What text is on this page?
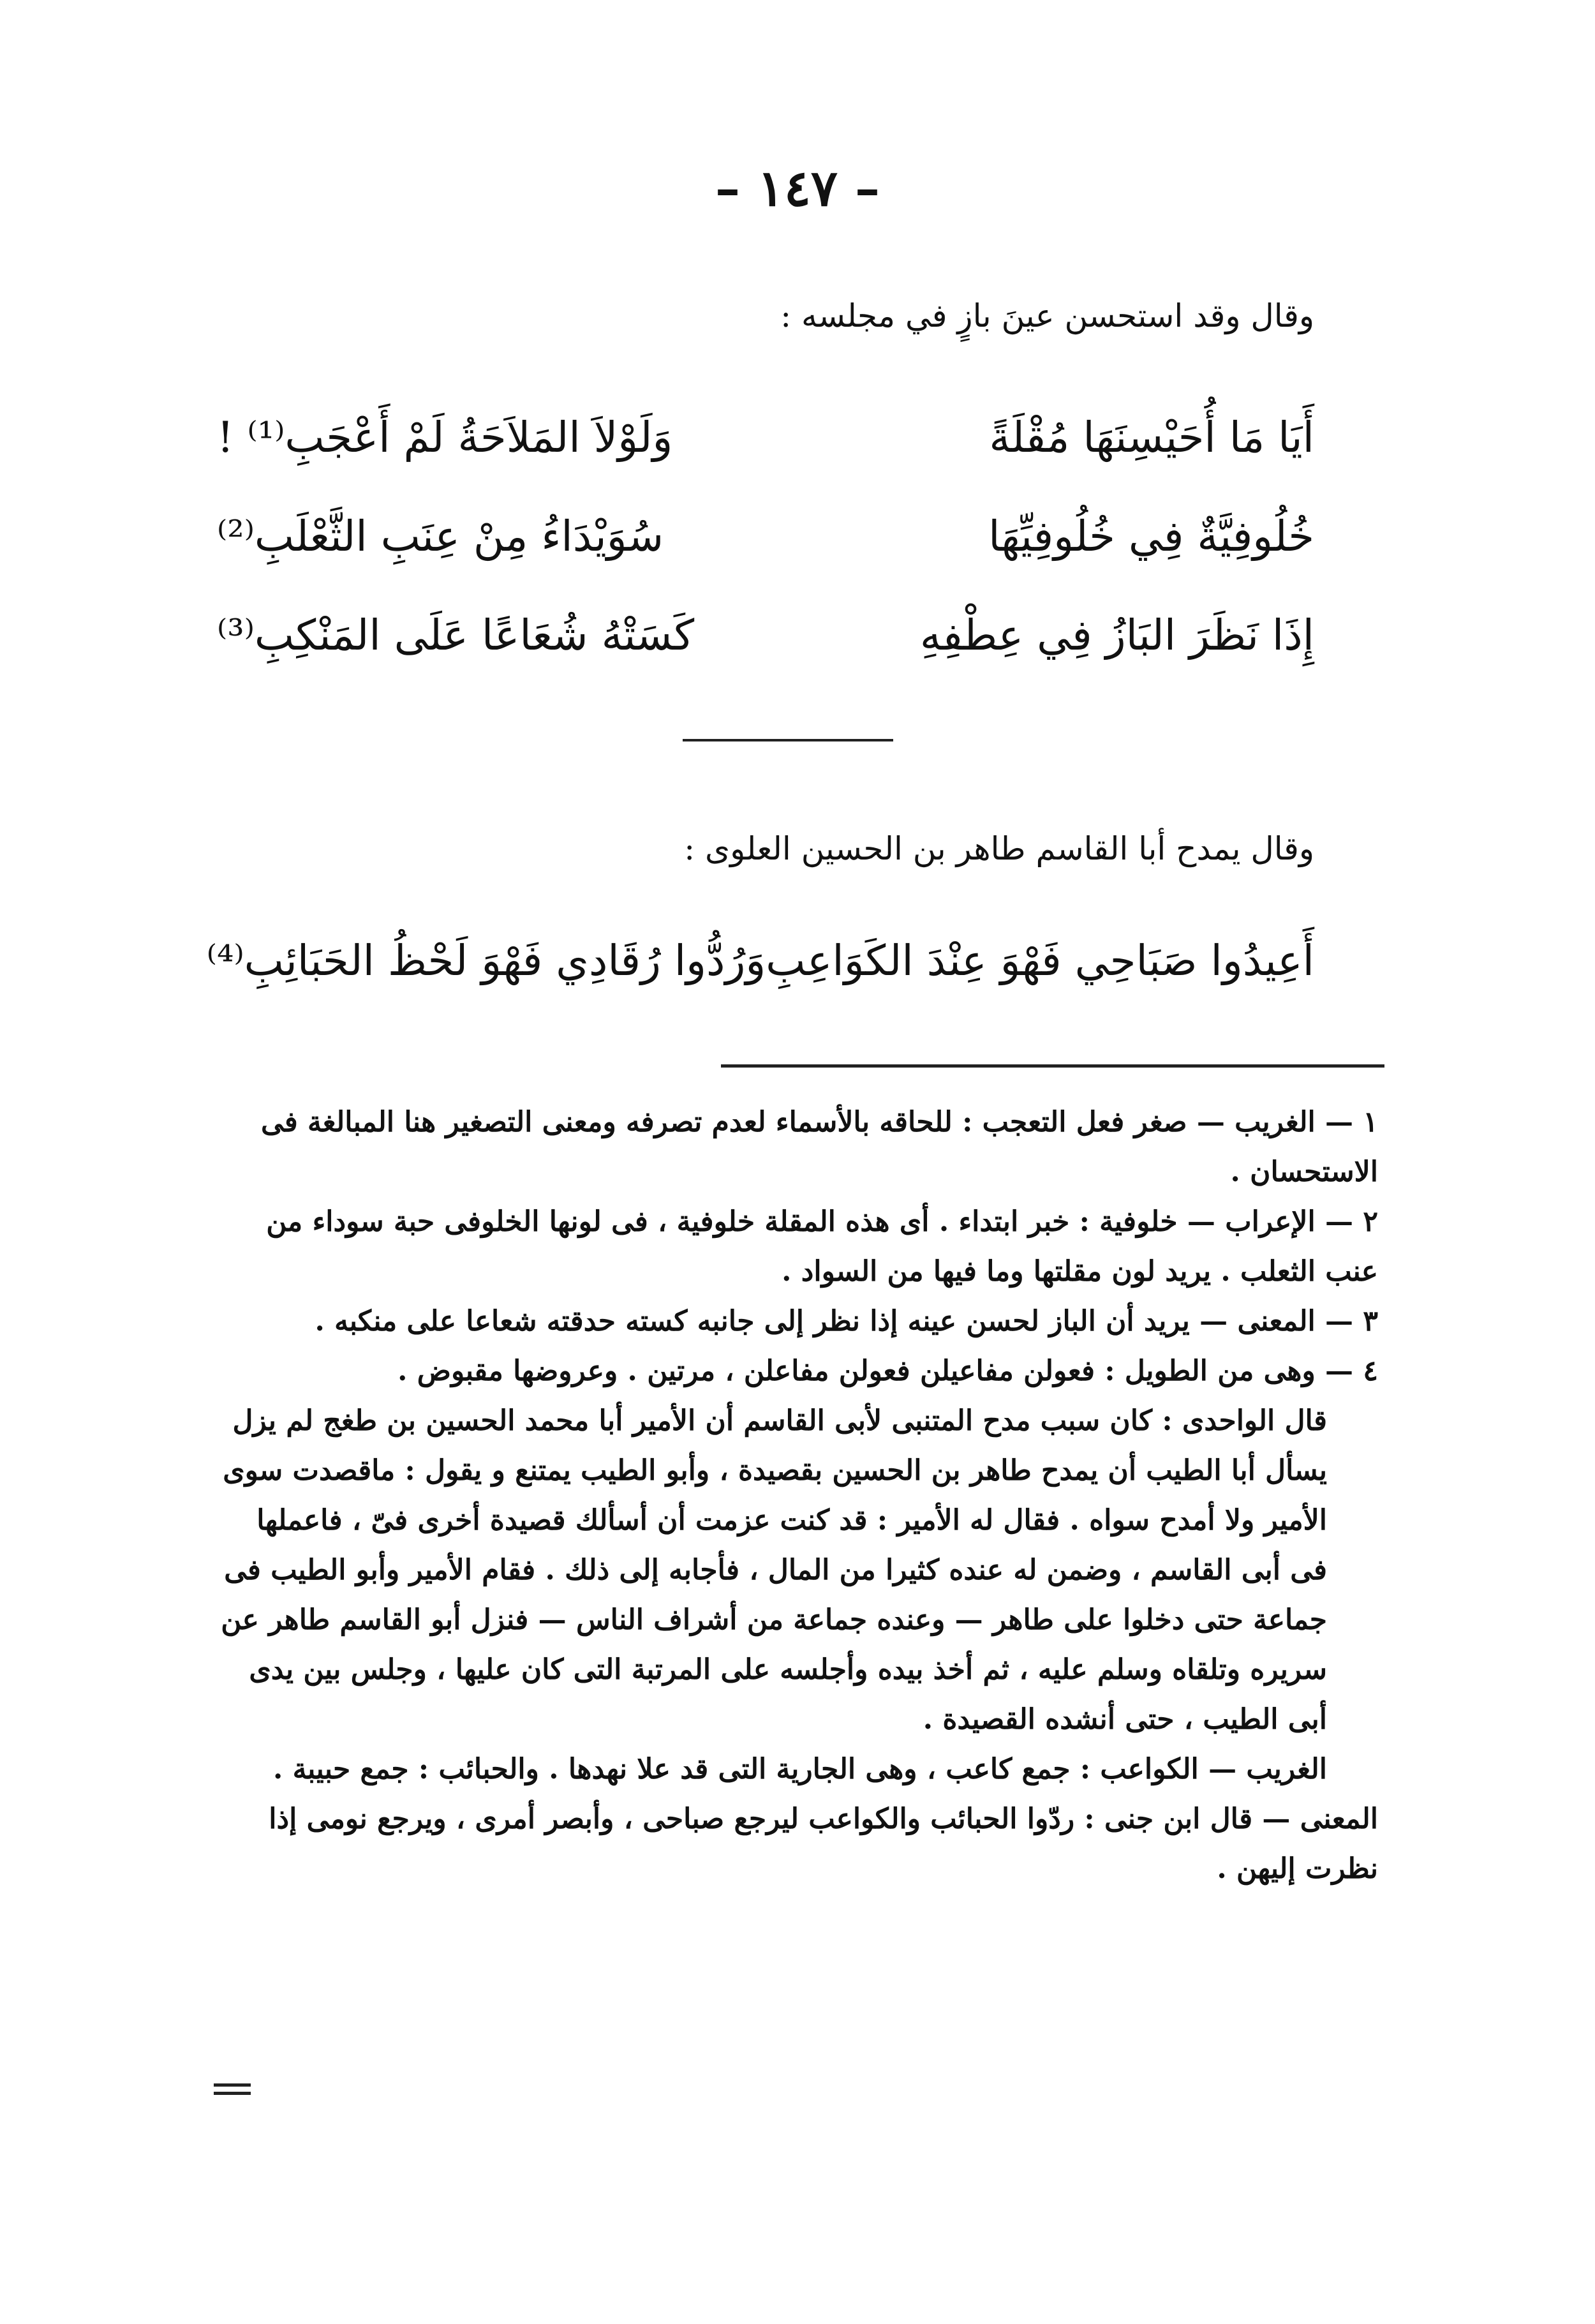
– ١٤٧ –
وقال وقد استحسن عينَ بازٍ في مجلسه :
أَيَا مَا أُحَيْسِنَهَا مُقْلَةً
وَلَوْلاَ المَلاَحَةُ لَمْ أَعْجَبِ⁽¹⁾ !
خُلُوفِيَّةٌ فِي خُلُوفِيِّهَا
سُوَيْدَاءُ مِنْ عِنَبِ الثَّعْلَبِ⁽²⁾
إِذَا نَظَرَ البَازُ فِي عِطْفِهِ
كَسَتْهُ شُعَاعًا عَلَى المَنْكِبِ⁽³⁾
وقال يمدح أبا القاسم طاهر بن الحسين العلوى :
أَعِيدُوا صَبَاحِي فَهْوَ عِنْدَ الكَوَاعِبِ
وَرُدُّوا رُقَادِي فَهْوَ لَحْظُ الحَبَائِبِ⁽⁴⁾

١ — الغريب — صغر فعل التعجب : للحاقه بالأسماء لعدم تصرفه ومعنى التصغير هنا المبالغة فى الاستحسان .

٢ — الإعراب — خلوفية : خبر ابتداء . أى هذه المقلة خلوفية ، فى لونها الخلوفى حبة سوداء من عنب الثعلب . يريد لون مقلتها وما فيها من السواد .

٣ — المعنى — يريد أن الباز لحسن عينه إذا نظر إلى جانبه كسته حدقته شعاعا على منكبه .

٤ — وهى من الطويل : فعولن مفاعيلن فعولن مفاعلن ، مرتين . وعروضها مقبوض .

قال الواحدى : كان سبب مدح المتنبى لأبى القاسم أن الأمير أبا محمد الحسين بن طغج لم يزل يسأل أبا الطيب أن يمدح طاهر بن الحسين بقصيدة ، وأبو الطيب يمتنع و يقول : ماقصدت سوى الأمير ولا أمدح سواه . فقال له الأمير : قد كنت عزمت أن أسألك قصيدة أخرى فىّ ، فاعملها فى أبى القاسم ، وضمن له عنده كثيرا من المال ، فأجابه إلى ذلك . فقام الأمير وأبو الطيب فى جماعة حتى دخلوا على طاهر — وعنده جماعة من أشراف الناس — فنزل أبو القاسم طاهر عن سريره وتلقاه وسلم عليه ، ثم أخذ بيده وأجلسه على المرتبة التى كان عليها ، وجلس بين يدى أبى الطيب ، حتى أنشده القصيدة .

الغريب — الكواعب : جمع كاعب ، وهى الجارية التى قد علا نهدها . والحبائب : جمع حبيبة .

المعنى — قال ابن جنى : ردّوا الحبائب والكواعب ليرجع صباحى ، وأبصر أمرى ، ويرجع نومى إذا نظرت إليهن .
